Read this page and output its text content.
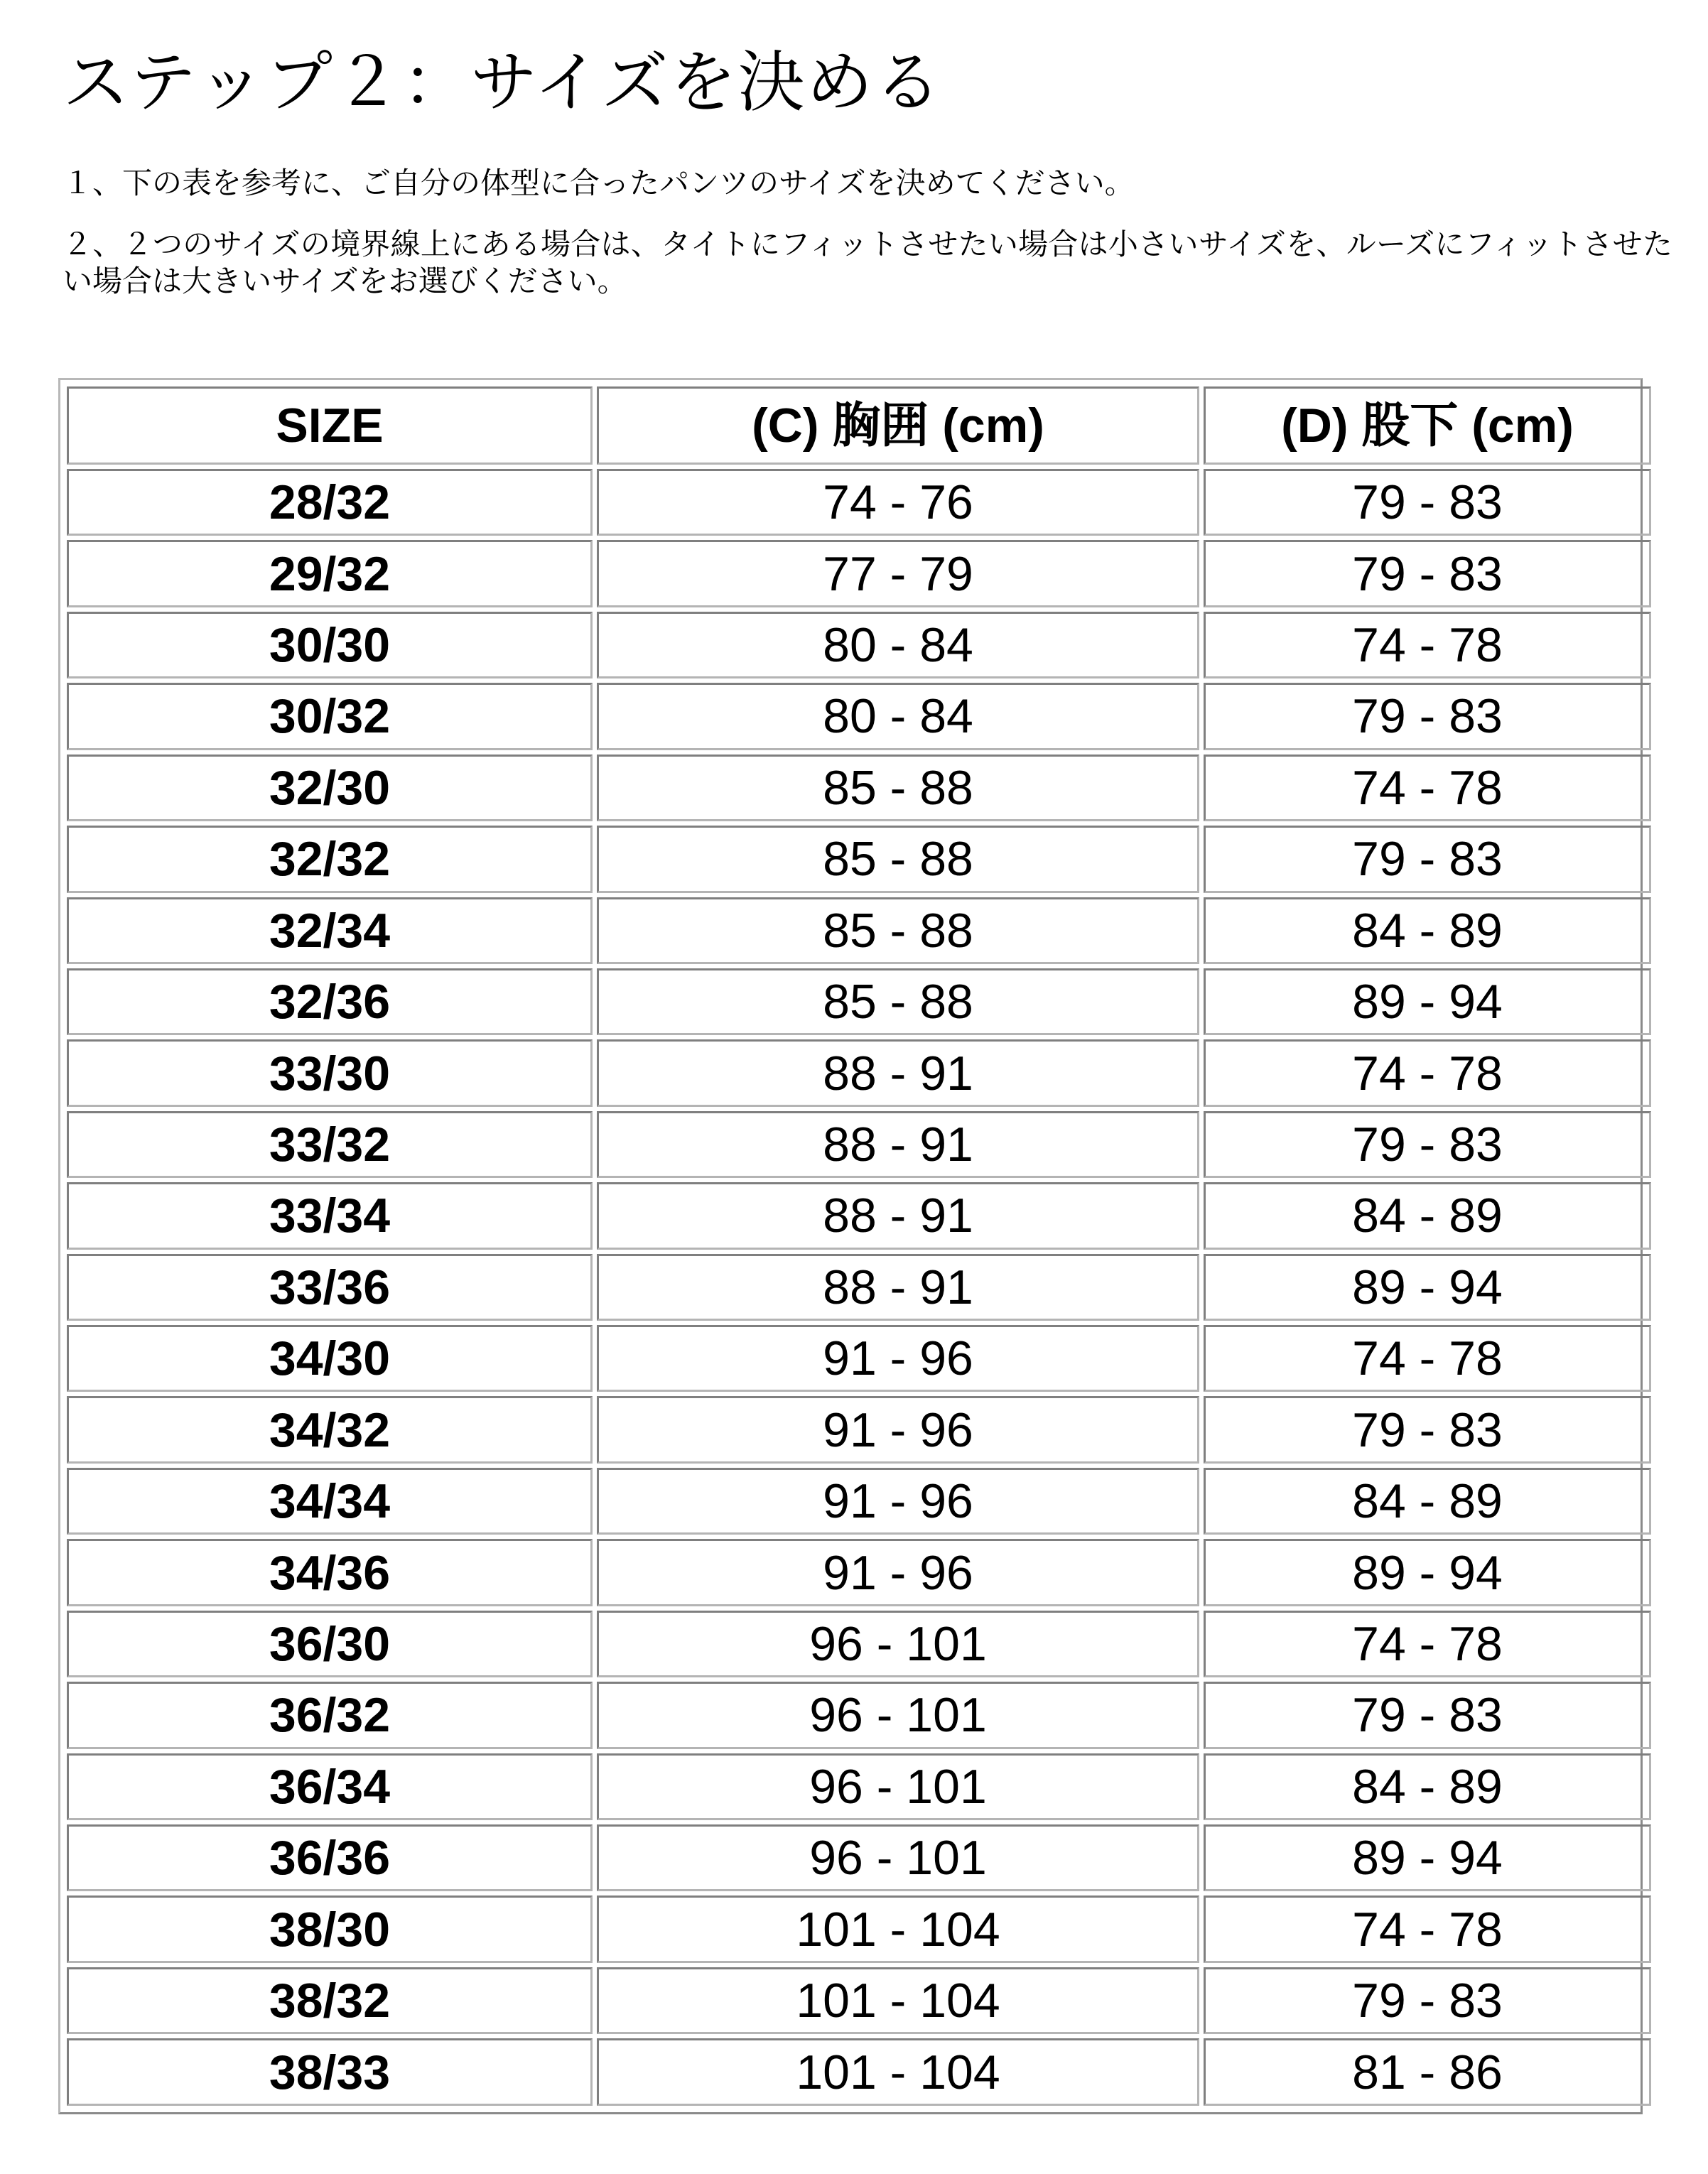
ステップ２：サイズを決める

１、下の表を参考に、ご自分の体型に合ったパンツのサイズを決めてください。

２、２つのサイズの境界線上にある場合は、タイトにフィットさせたい場合は小さいサイズを、ルーズにフィットさせたい場合は大きいサイズをお選びください。

SIZE	(C) 胸囲 (cm)	(D) 股下 (cm)
28/32	74 - 76	79 - 83
29/32	77 - 79	79 - 83
30/30	80 - 84	74 - 78
30/32	80 - 84	79 - 83
32/30	85 - 88	74 - 78
32/32	85 - 88	79 - 83
32/34	85 - 88	84 - 89
32/36	85 - 88	89 - 94
33/30	88 - 91	74 - 78
33/32	88 - 91	79 - 83
33/34	88 - 91	84 - 89
33/36	88 - 91	89 - 94
34/30	91 - 96	74 - 78
34/32	91 - 96	79 - 83
34/34	91 - 96	84 - 89
34/36	91 - 96	89 - 94
36/30	96 - 101	74 - 78
36/32	96 - 101	79 - 83
36/34	96 - 101	84 - 89
36/36	96 - 101	89 - 94
38/30	101 - 104	74 - 78
38/32	101 - 104	79 - 83
38/33	101 - 104	81 - 86
